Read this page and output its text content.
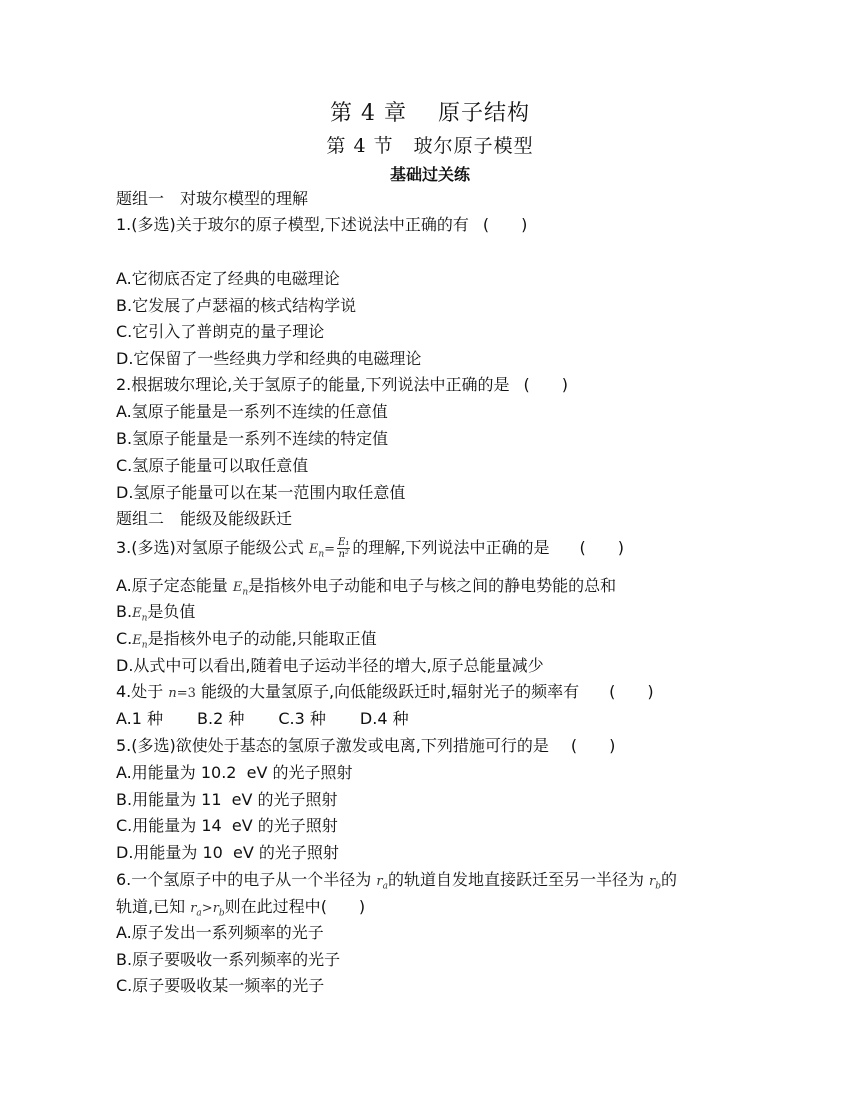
第 4 章　 原子结构
第 4 节　玻尔原子模型
基础过关练
题组一　对玻尔模型的理解
1.(多选)关于玻尔的原子模型,下述说法中正确的有 (　　)
A.它彻底否定了经典的电磁理论
B.它发展了卢瑟福的核式结构学说
C.它引入了普朗克的量子理论
D.它保留了一些经典力学和经典的电磁理论
2.根据玻尔理论,关于氢原子的能量,下列说法中正确的是 (　　)
A.氢原子能量是一系列不连续的任意值
B.氢原子能量是一系列不连续的特定值
C.氢原子能量可以取任意值
D.氢原子能量可以在某一范围内取任意值
题组二　能级及能级跃迁
3.(多选)对氢原子能级公式 $E_n= \frac{\text{E₁}}{\text{n²}}$ 的理解,下列说法中正确的是 (　　)
A.原子定态能量 $E_n$是指核外电子动能和电子与核之间的静电势能的总和
$B.E_n$是负值
$C.E_n$是指核外电子的动能,只能取正值
D.从式中可以看出,随着电子运动半径的增大,原子总能量减少
4.处于 n=3 能级的大量氢原子,向低能级跃迁时,辐射光子的频率有 (　　)
A.1 种 B.2 种 C.3 种 D.4 种
5.(多选)欲使处于基态的氢原子激发或电离,下列措施可行的是 (　　)
A.用能量为 10.2  eV 的光子照射
B.用能量为 11  eV 的光子照射
C.用能量为 14  eV 的光子照射
D.用能量为 10  eV 的光子照射
6.一个氢原子中的电子从一个半径为 $r_a$的轨道自发地直接跃迁至另一半径为 $r_b$的
轨道,已知 $r_a>r_b$则在此过程中(　　)
A.原子发出一系列频率的光子
B.原子要吸收一系列频率的光子
C.原子要吸收某一频率的光子
